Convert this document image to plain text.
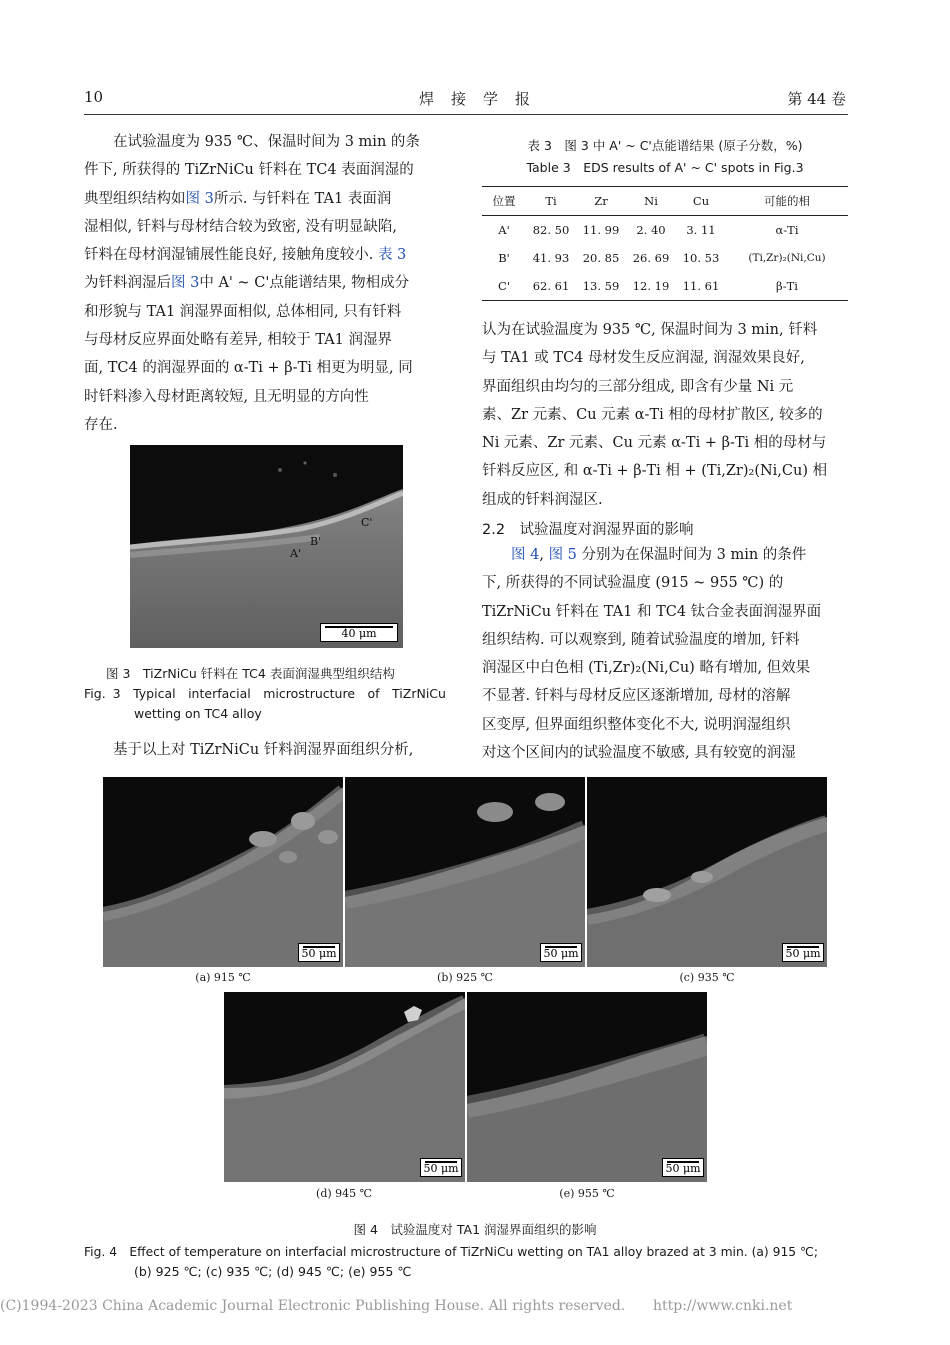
10	焊　接　学　报	第 44 卷
　　在试验温度为 935 ℃、保温时间为 3 min 的条
件下, 所获得的 TiZrNiCu 钎料在 TC4 表面润湿的
典型组织结构如图 3所示. 与钎料在 TA1 表面润
湿相似, 钎料与母材结合较为致密, 没有明显缺陷,
钎料在母材润湿铺展性能良好, 接触角度较小. 表 3
为钎料润湿后图 3中 A' ~ C'点能谱结果, 物相成分
和形貌与 TA1 润湿界面相似, 总体相同, 只有钎料
与母材反应界面处略有差异, 相较于 TA1 润湿界
面, TC4 的润湿界面的 α-Ti + β-Ti 相更为明显, 同
时钎料渗入母材距离较短, 且无明显的方向性
存在.
A'
B'
C'
40 μm
图 3　TiZrNiCu 钎料在 TC4 表面润湿典型组织结构
Fig. 3　Typical　interfacial　microstructure　of　TiZrNiCu
wetting on TC4 alloy
　　基于以上对 TiZrNiCu 钎料润湿界面组织分析,
表 3　图 3 中 A' ~ C'点能谱结果 (原子分数，%)
Table 3　EDS results of A' ~ C' spots in Fig.3
位置	Ti	Zr	Ni	Cu	可能的相
A'	82. 50	11. 99	2. 40	3. 11	α-Ti
B'	41. 93	20. 85	26. 69	10. 53	(Ti,Zr)₂(Ni,Cu)
C'	62. 61	13. 59	12. 19	11. 61	β-Ti
认为在试验温度为 935 ℃, 保温时间为 3 min, 钎料
与 TA1 或 TC4 母材发生反应润湿, 润湿效果良好,
界面组织由均匀的三部分组成, 即含有少量 Ni 元
素、Zr 元素、Cu 元素 α-Ti 相的母材扩散区, 较多的
Ni 元素、Zr 元素、Cu 元素 α-Ti + β-Ti 相的母材与
钎料反应区, 和 α-Ti + β-Ti 相 + (Ti,Zr)₂(Ni,Cu) 相
组成的钎料润湿区.
2.2　试验温度对润湿界面的影响
　　图 4, 图 5 分别为在保温时间为 3 min 的条件
下, 所获得的不同试验温度 (915 ~ 955 ℃) 的
TiZrNiCu 钎料在 TA1 和 TC4 钛合金表面润湿界面
组织结构. 可以观察到, 随着试验温度的增加, 钎料
润湿区中白色相 (Ti,Zr)₂(Ni,Cu) 略有增加, 但效果
不显著. 钎料与母材反应区逐渐增加, 母材的溶解
区变厚, 但界面组织整体变化不大, 说明润湿组织
对这个区间内的试验温度不敏感, 具有较宽的润湿
50 μm	50 μm	50 μm
(a) 915 ℃	(b) 925 ℃	(c) 935 ℃
50 μm	50 μm
(d) 945 ℃	(e) 955 ℃
图 4　试验温度对 TA1 润湿界面组织的影响
Fig. 4　Effect of temperature on interfacial microstructure of TiZrNiCu wetting on TA1 alloy brazed at 3 min. (a) 915 ℃;
(b) 925 ℃; (c) 935 ℃; (d) 945 ℃; (e) 955 ℃
(C)1994-2023 China Academic Journal Electronic Publishing House. All rights reserved. http://www.cnki.net
